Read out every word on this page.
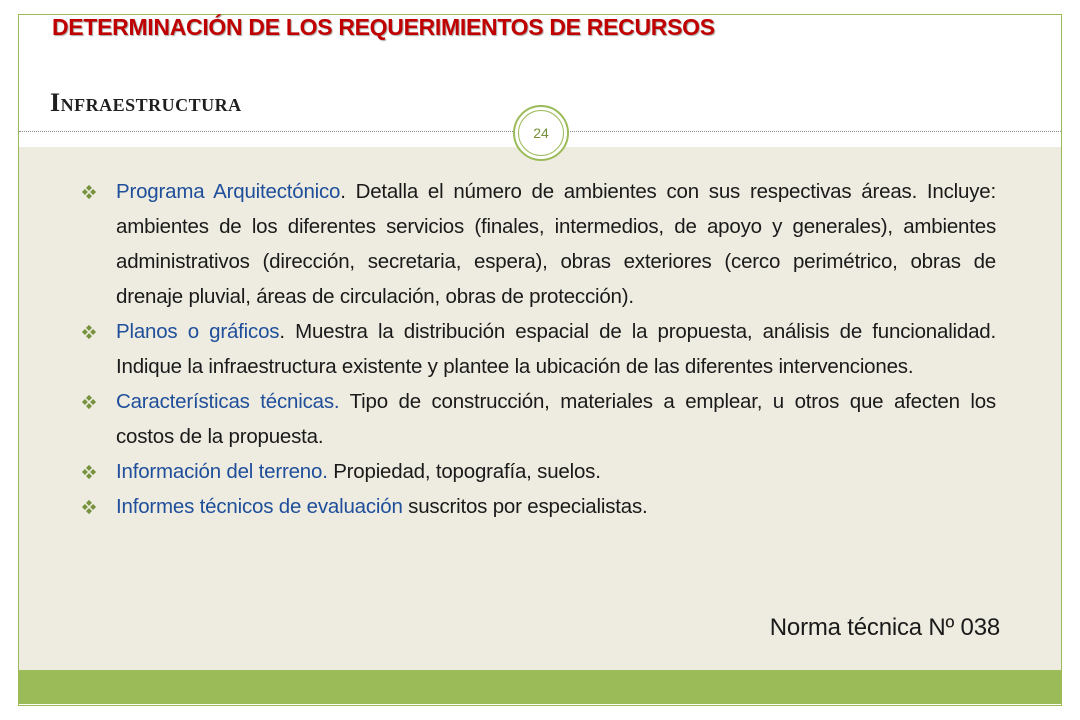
DETERMINACIÓN DE LOS REQUERIMIENTOS DE RECURSOS
Infraestructura
24
Programa Arquitectónico. Detalla el número de ambientes con sus respectivas áreas. Incluye: ambientes de los diferentes servicios (finales, intermedios, de apoyo y generales), ambientes administrativos (dirección, secretaria, espera), obras exteriores (cerco perimétrico, obras de drenaje pluvial, áreas de circulación, obras de protección).
Planos o gráficos. Muestra la distribución espacial de la propuesta, análisis de funcionalidad. Indique la infraestructura existente y plantee la ubicación de las diferentes intervenciones.
Características técnicas. Tipo de construcción, materiales a emplear, u otros que afecten los costos de la propuesta.
Información del terreno. Propiedad, topografía, suelos.
Informes técnicos de evaluación suscritos por especialistas.

Norma técnica Nº 038
